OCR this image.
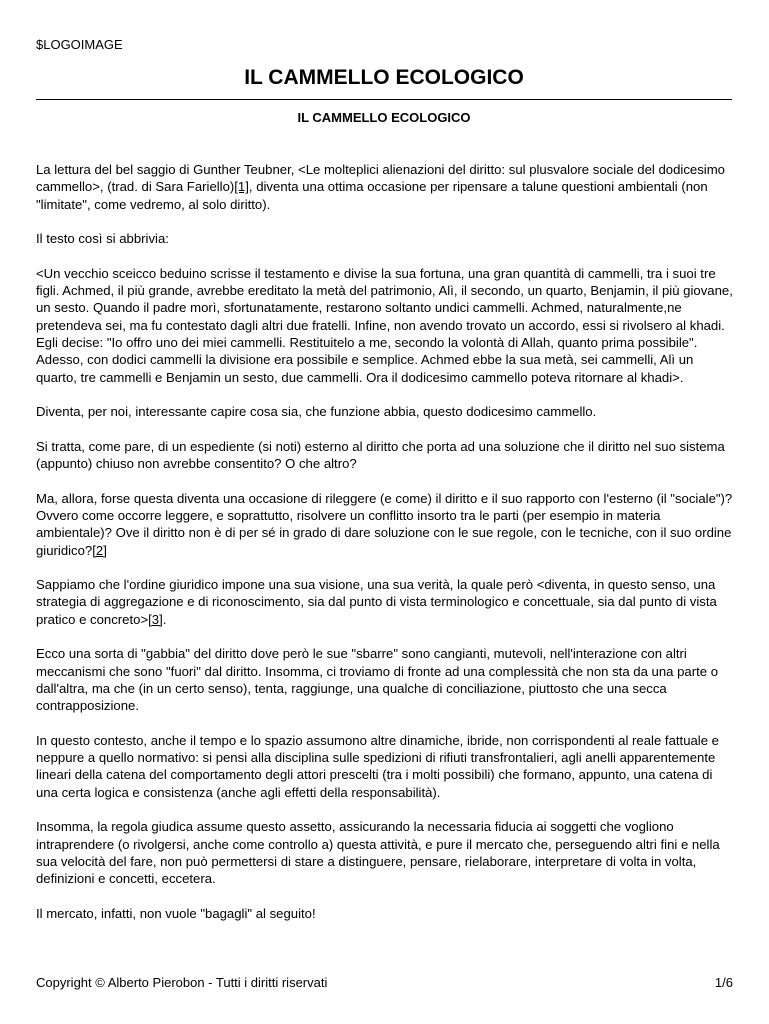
$LOGOIMAGE
IL CAMMELLO ECOLOGICO
IL CAMMELLO ECOLOGICO

La lettura del bel saggio di Gunther Teubner, <Le molteplici alienazioni del diritto: sul plusvalore sociale del dodicesimo cammello>, (trad. di Sara Fariello)[1], diventa una ottima occasione per ripensare a talune questioni ambientali (non "limitate", come vedremo, al solo diritto).

Il testo così si abbrivia:

<Un vecchio sceicco beduino scrisse il testamento e divise la sua fortuna, una gran quantità di cammelli, tra i suoi tre figli. Achmed, il più grande, avrebbe ereditato la metà del patrimonio, Alì, il secondo, un quarto, Benjamin, il più giovane, un sesto. Quando il padre morì, sfortunatamente, restarono soltanto undici cammelli. Achmed, naturalmente,ne pretendeva sei, ma fu contestato dagli altri due fratelli. Infine, non avendo trovato un accordo, essi si rivolsero al khadi. Egli decise: "Io offro uno dei miei cammelli. Restituitelo a me, secondo la volontà di Allah, quanto prima possibile". Adesso, con dodici cammelli la divisione era possibile e semplice. Achmed ebbe la sua metà, sei cammelli, Alì un quarto, tre cammelli e Benjamin un sesto, due cammelli. Ora il dodicesimo cammello poteva ritornare al khadi>.

Diventa, per noi, interessante capire cosa sia, che funzione abbia, questo dodicesimo cammello.

Si tratta, come pare, di un espediente (si noti) esterno al diritto che porta ad una soluzione che il diritto nel suo sistema (appunto) chiuso non avrebbe consentito? O che altro?

Ma, allora, forse questa diventa una occasione di rileggere (e come) il diritto e il suo rapporto con l'esterno (il "sociale")? Ovvero come occorre leggere, e soprattutto, risolvere un conflitto insorto tra le parti (per esempio in materia ambientale)? Ove il diritto non è di per sé in grado di dare soluzione con le sue regole, con le tecniche, con il suo ordine giuridico?[2]

Sappiamo che l'ordine giuridico impone una sua visione, una sua verità, la quale però <diventa, in questo senso, una strategia di aggregazione e di riconoscimento, sia dal punto di vista terminologico e concettuale, sia dal punto di vista pratico e concreto>[3].

Ecco una sorta di "gabbia" del diritto dove però le sue "sbarre" sono cangianti, mutevoli, nell'interazione con altri meccanismi che sono "fuori" dal diritto. Insomma, ci troviamo di fronte ad una complessità che non sta da una parte o dall'altra, ma che (in un certo senso), tenta, raggiunge, una qualche di conciliazione, piuttosto che una secca contrapposizione.

In questo contesto, anche il tempo e lo spazio assumono altre dinamiche, ibride, non corrispondenti al reale fattuale e neppure a quello normativo: si pensi alla disciplina sulle spedizioni di rifiuti transfrontalieri, agli anelli apparentemente lineari della catena del comportamento degli attori prescelti (tra i molti possibili) che formano, appunto, una catena di una certa logica e consistenza (anche agli effetti della responsabilità).

Insomma, la regola giudica assume questo assetto, assicurando la necessaria fiducia ai soggetti che vogliono intraprendere (o rivolgersi, anche come controllo a) questa attività, e pure il mercato che, perseguendo altri fini e nella sua velocità del fare, non può permettersi di stare a distinguere, pensare, rielaborare, interpretare di volta in volta, definizioni e concetti, eccetera.

Il mercato, infatti, non vuole "bagagli" al seguito!

Copyright © Alberto Pierobon - Tutti i diritti riservati	1/6
